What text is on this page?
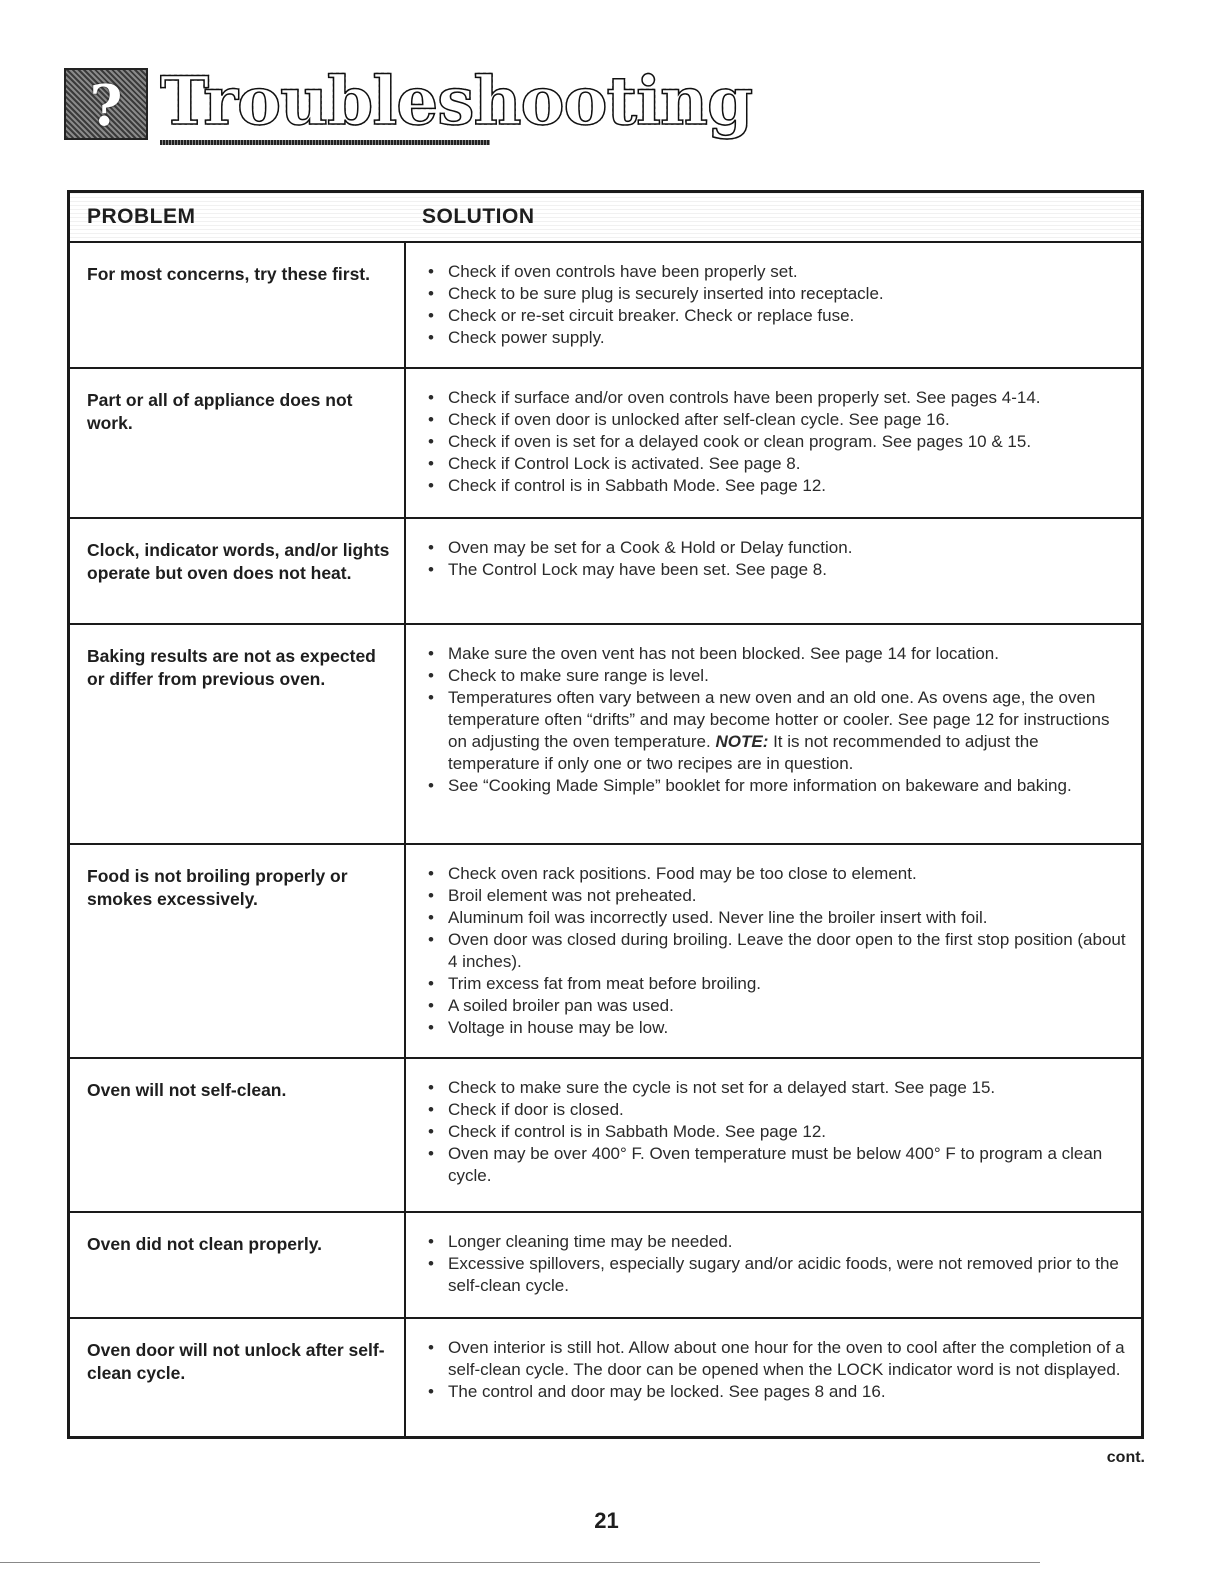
? Troubleshooting
PROBLEM	SOLUTION
For most concerns, try these first.	• Check if oven controls have been properly set.
• Check to be sure plug is securely inserted into receptacle.
• Check or re-set circuit breaker. Check or replace fuse.
• Check power supply.
Part or all of appliance does not work.
• Check if surface and/or oven controls have been properly set. See pages 4-14.
• Check if oven door is unlocked after self-clean cycle. See page 16.
• Check if oven is set for a delayed cook or clean program. See pages 10 & 15.
• Check if Control Lock is activated. See page 8.
• Check if control is in Sabbath Mode. See page 12.
Clock, indicator words, and/or lights operate but oven does not heat.
• Oven may be set for a Cook & Hold or Delay function.
• The Control Lock may have been set. See page 8.
Baking results are not as expected or differ from previous oven.
• Make sure the oven vent has not been blocked. See page 14 for location.
• Check to make sure range is level.
• Temperatures often vary between a new oven and an old one. As ovens age, the oven temperature often “drifts” and may become hotter or cooler. See page 12 for instructions on adjusting the oven temperature. NOTE: It is not recommended to adjust the temperature if only one or two recipes are in question.
• See “Cooking Made Simple” booklet for more information on bakeware and baking.
Food is not broiling properly or smokes excessively.
• Check oven rack positions. Food may be too close to element.
• Broil element was not preheated.
• Aluminum foil was incorrectly used. Never line the broiler insert with foil.
• Oven door was closed during broiling. Leave the door open to the first stop position (about 4 inches).
• Trim excess fat from meat before broiling.
• A soiled broiler pan was used.
• Voltage in house may be low.
Oven will not self-clean.	• Check to make sure the cycle is not set for a delayed start. See page 15.
• Check if door is closed.
• Check if control is in Sabbath Mode. See page 12.
• Oven may be over 400° F. Oven temperature must be below 400° F to program a clean cycle.
Oven did not clean properly.	• Longer cleaning time may be needed.
• Excessive spillovers, especially sugary and/or acidic foods, were not removed prior to the self-clean cycle.
Oven door will not unlock after self-clean cycle.
• Oven interior is still hot. Allow about one hour for the oven to cool after the completion of a self-clean cycle. The door can be opened when the LOCK indicator word is not displayed.
• The control and door may be locked. See pages 8 and 16.
cont.
21
